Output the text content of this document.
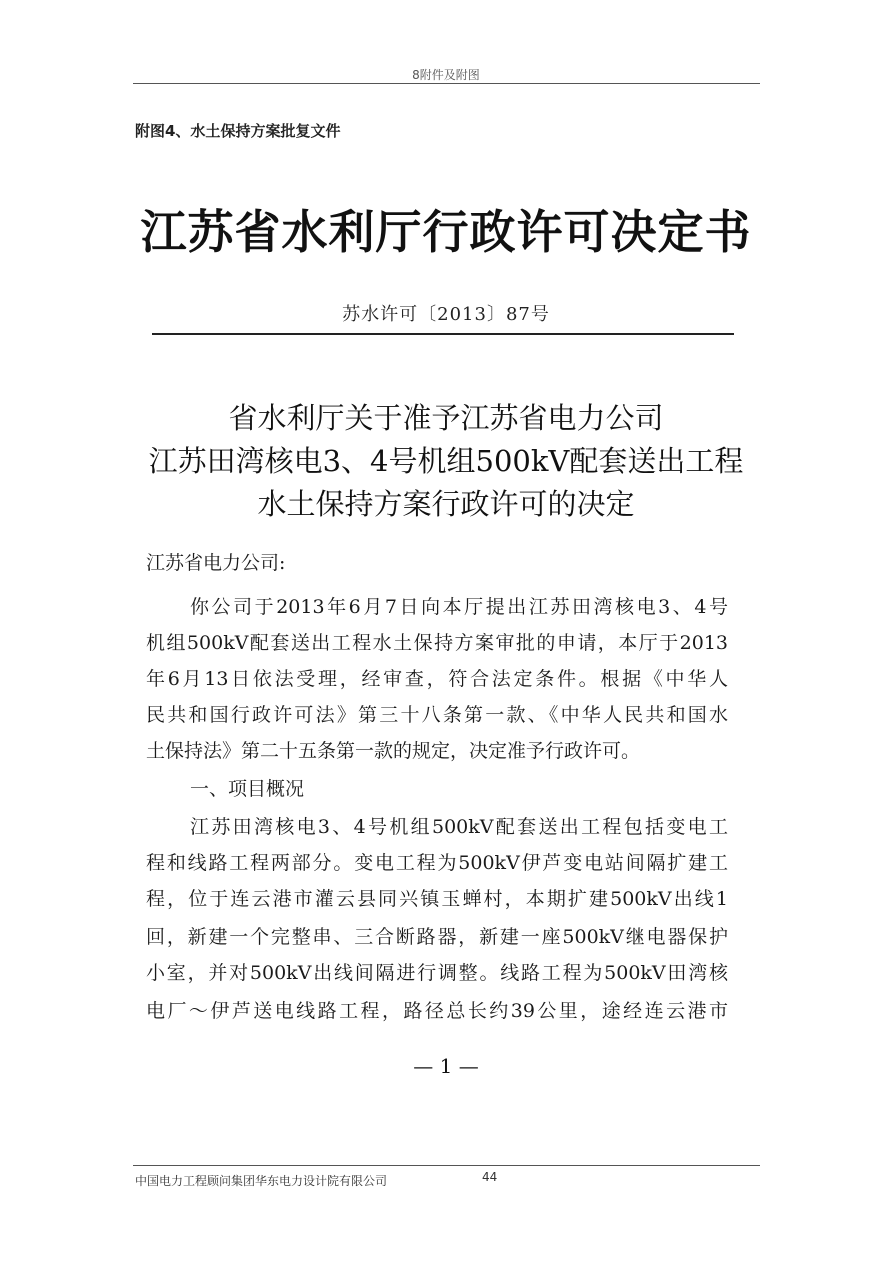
8附件及附图
附图4、水土保持方案批复文件
江苏省水利厅行政许可决定书
苏水许可〔2013〕87号
省水利厅关于准予江苏省电力公司
江苏田湾核电3、4号机组500kV配套送出工程
水土保持方案行政许可的决定
江苏省电力公司:
你公司于2013年6月7日向本厅提出江苏田湾核电3、4号
机组500kV配套送出工程水土保持方案审批的申请，本厅于2013
年6月13日依法受理，经审查，符合法定条件。根据《中华人
民共和国行政许可法》第三十八条第一款、《中华人民共和国水
土保持法》第二十五条第一款的规定，决定准予行政许可。
一、项目概况
江苏田湾核电3、4号机组500kV配套送出工程包括变电工
程和线路工程两部分。变电工程为500kV伊芦变电站间隔扩建工
程，位于连云港市灌云县同兴镇玉蝉村，本期扩建500kV出线1
回，新建一个完整串、三合断路器，新建一座500kV继电器保护
小室，并对500kV出线间隔进行调整。线路工程为500kV田湾核
电厂～伊芦送电线路工程，路径总长约39公里，途经连云港市
— 1 —
中国电力工程顾问集团华东电力设计院有限公司	44
